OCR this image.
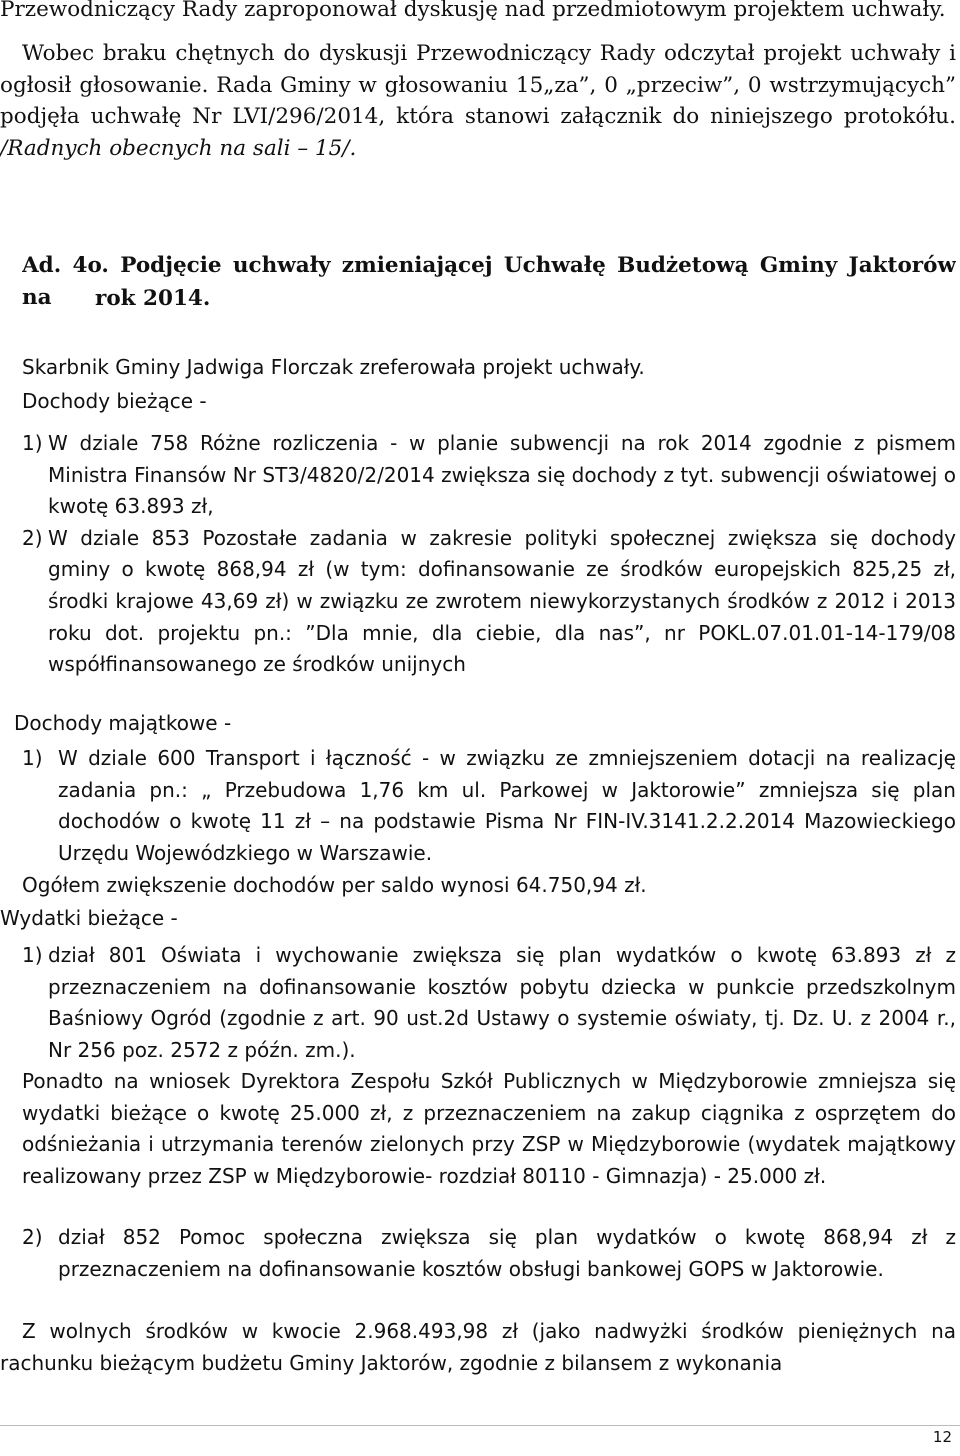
Przewodniczący Rady zaproponował dyskusję nad przedmiotowym projektem uchwały.

Wobec braku chętnych do dyskusji Przewodniczący Rady odczytał projekt uchwały i ogłosił głosowanie. Rada Gminy w głosowaniu 15„za”, 0 „przeciw”, 0 wstrzymujących” podjęła uchwałę Nr LVI/296/2014, która stanowi załącznik do niniejszego protokółu. /Radnych obecnych na sali – 15/.

Ad. 4o. Podjęcie uchwały zmieniającej Uchwałę Budżetową Gminy Jaktorów na	rok 2014.

Skarbnik Gminy Jadwiga Florczak zreferowała projekt uchwały.

Dochody bieżące -

1) W dziale 758 Różne rozliczenia - w planie subwencji na rok 2014 zgodnie z pismem Ministra Finansów Nr ST3/4820/2/2014 zwiększa się dochody z tyt. subwencji oświatowej o kwotę 63.893 zł,

2) W dziale 853 Pozostałe zadania w zakresie polityki społecznej zwiększa się dochody gminy o kwotę 868,94 zł (w tym: dofinansowanie ze środków europejskich 825,25 zł, środki krajowe 43,69 zł) w związku ze zwrotem niewykorzystanych środków z 2012 i 2013 roku dot. projektu pn.: ”Dla mnie, dla ciebie, dla nas”, nr POKL.07.01.01-14-179/08 współfinansowanego ze środków unijnych

Dochody majątkowe -

1) W dziale 600 Transport i łączność - w związku ze zmniejszeniem dotacji na realizację zadania pn.: „ Przebudowa 1,76 km ul. Parkowej w Jaktorowie” zmniejsza się plan dochodów o kwotę 11 zł – na podstawie Pisma Nr FIN-IV.3141.2.2.2014 Mazowieckiego Urzędu Wojewódzkiego w Warszawie.

Ogółem zwiększenie dochodów per saldo wynosi 64.750,94 zł.

Wydatki bieżące -

1) dział 801 Oświata i wychowanie zwiększa się plan wydatków o kwotę 63.893 zł z przeznaczeniem na dofinansowanie kosztów pobytu dziecka w punkcie przedszkolnym Baśniowy Ogród (zgodnie z art. 90 ust.2d Ustawy o systemie oświaty, tj. Dz. U. z 2004 r., Nr 256 poz. 2572 z późn. zm.).

Ponadto na wniosek Dyrektora Zespołu Szkół Publicznych w Międzyborowie zmniejsza się wydatki bieżące o kwotę 25.000 zł, z przeznaczeniem na zakup ciągnika z osprzętem do odśnieżania i utrzymania terenów zielonych przy ZSP w Międzyborowie (wydatek majątkowy realizowany przez ZSP w Międzyborowie- rozdział 80110 - Gimnazja) - 25.000 zł.

2) dział 852 Pomoc społeczna zwiększa się plan wydatków o kwotę 868,94 zł z przeznaczeniem na dofinansowanie kosztów obsługi bankowej GOPS w Jaktorowie.

Z wolnych środków w kwocie 2.968.493,98 zł (jako nadwyżki środków pieniężnych na rachunku bieżącym budżetu Gminy Jaktorów, zgodnie z bilansem z wykonania

12
